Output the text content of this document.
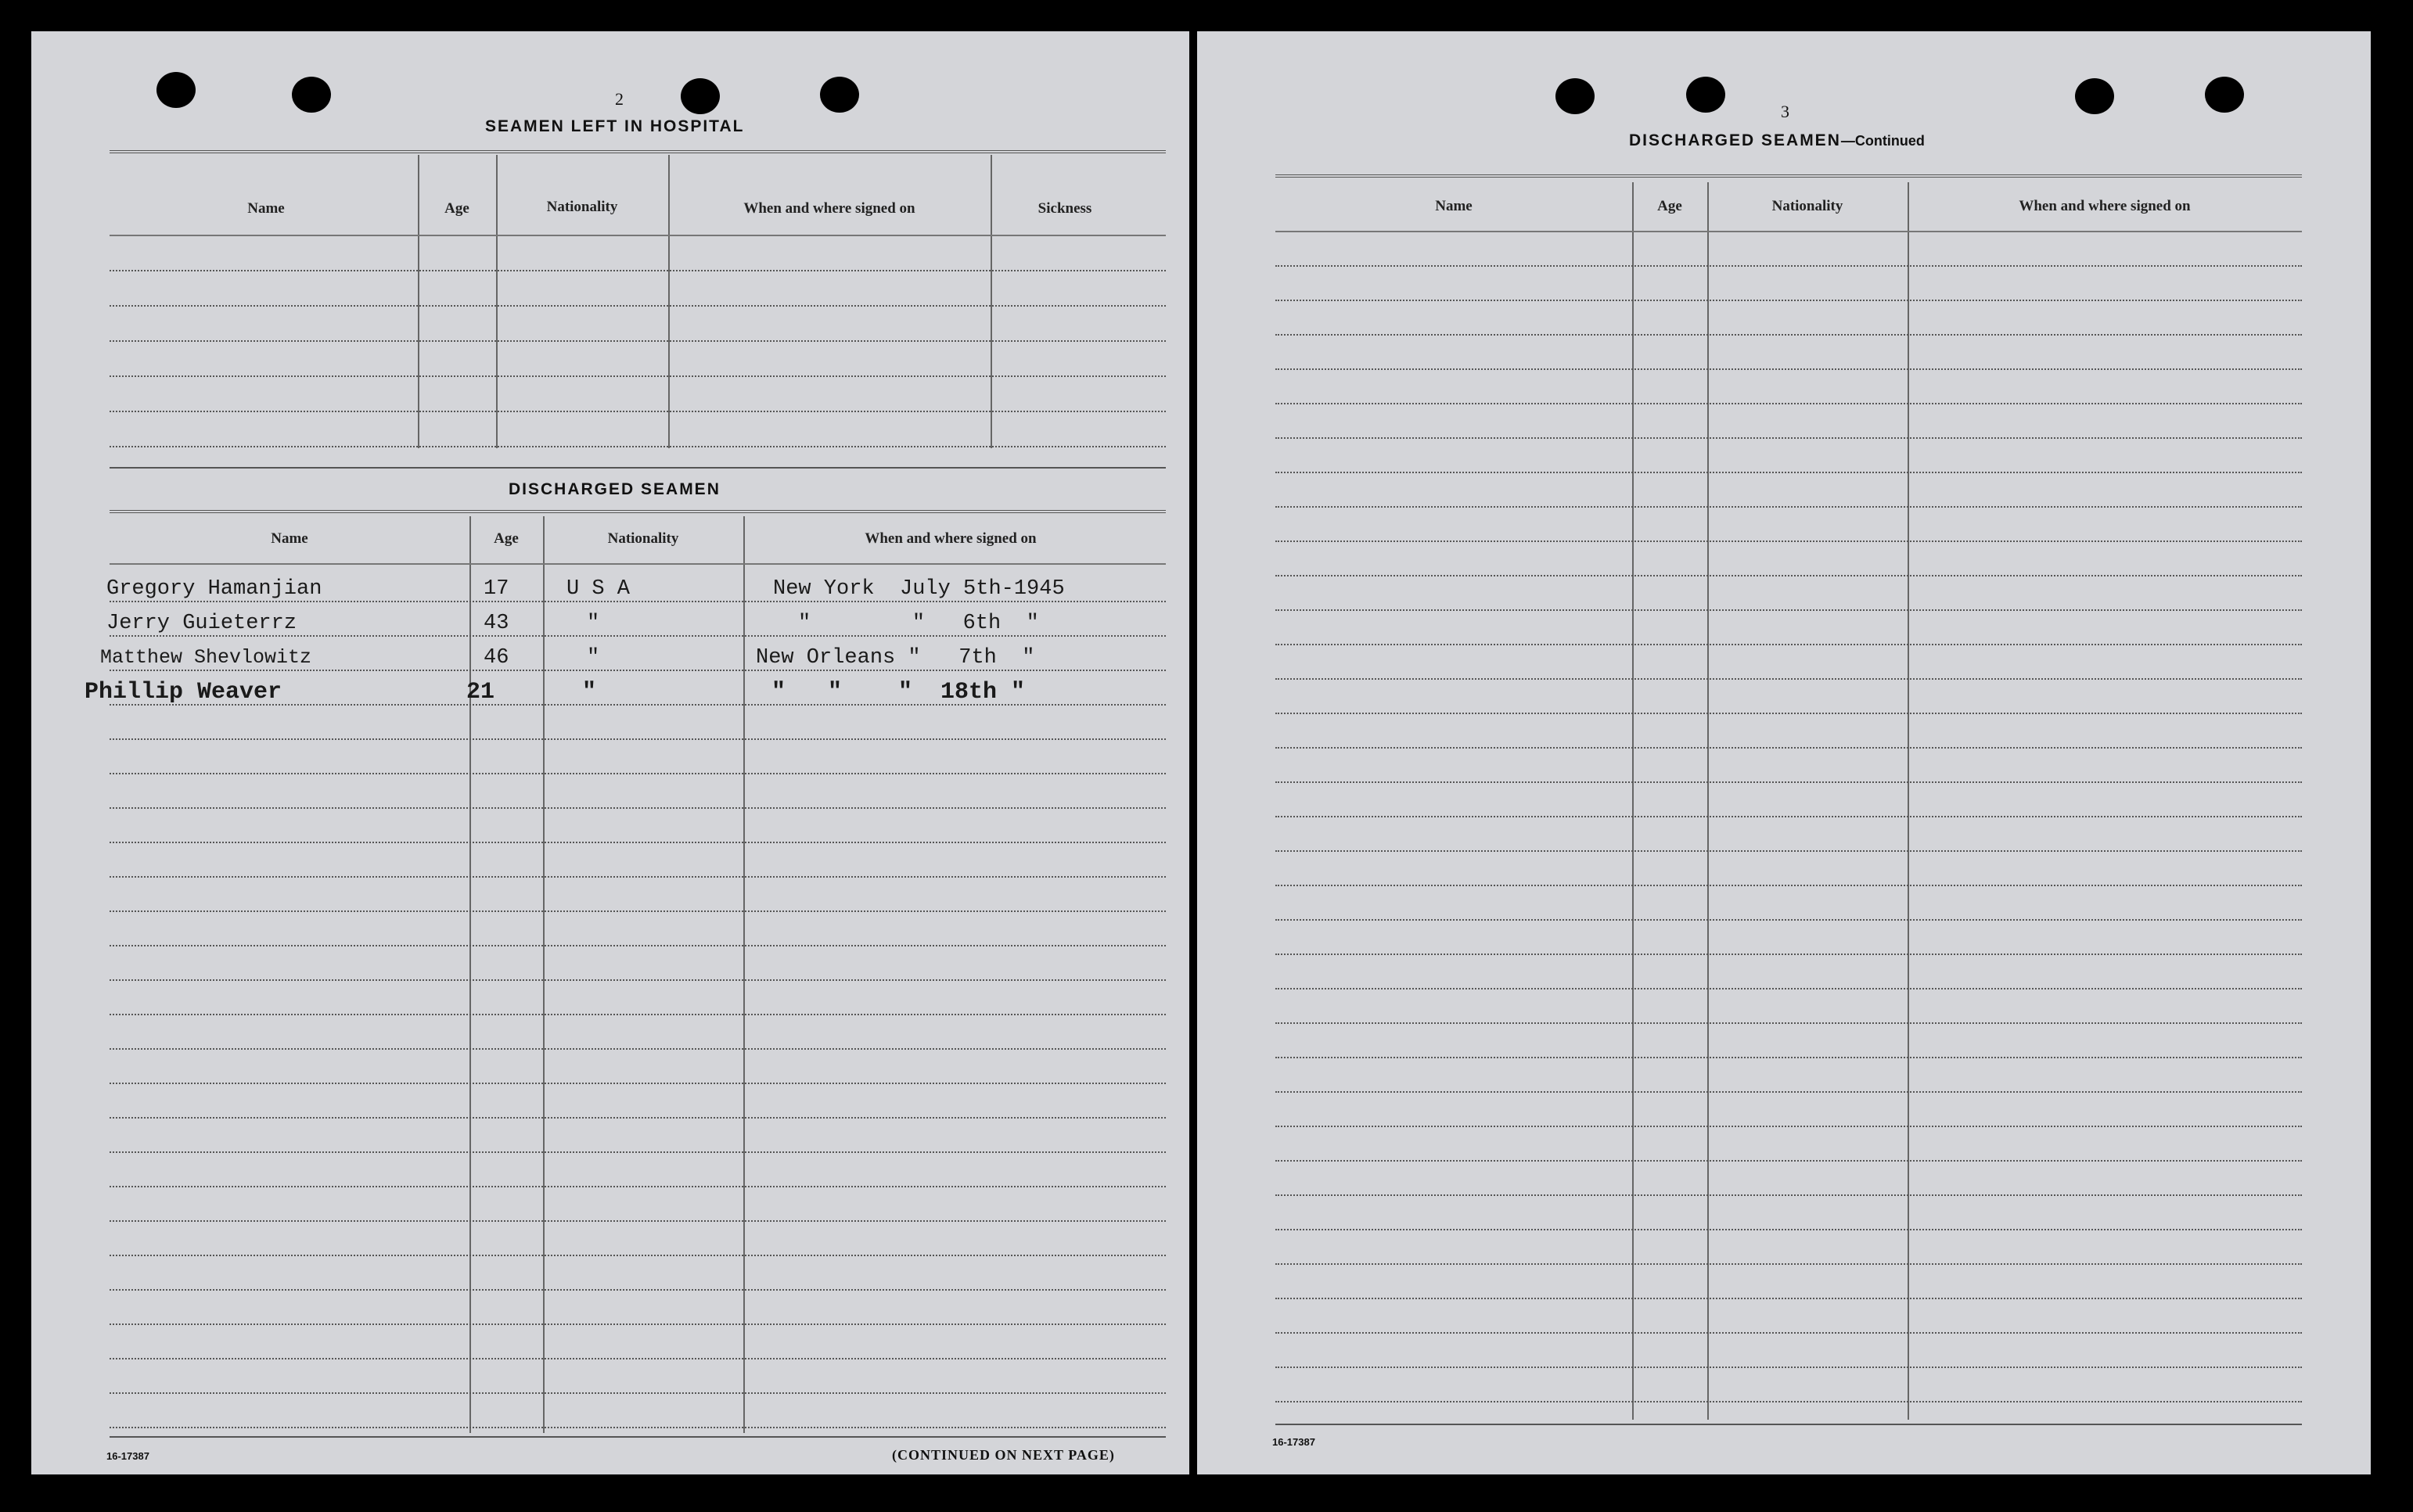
2
SEAMEN LEFT IN HOSPITAL
Name	Age	Nationality	When and where signed on	Sickness
DISCHARGED SEAMEN
Name	Age	Nationality	When and where signed on
Gregory Hamanjian	17	U S A	New York  July 5th-1945
Jerry Guieterrz	43	"	"        "   6th  "
Matthew Shevlowitz	46	"	New Orleans "   7th  "
Phillip Weaver	21	"	"   "    "  18th "
16-17387	(CONTINUED ON NEXT PAGE)
3
DISCHARGED SEAMEN—Continued
Name	Age	Nationality	When and where signed on
16-17387
